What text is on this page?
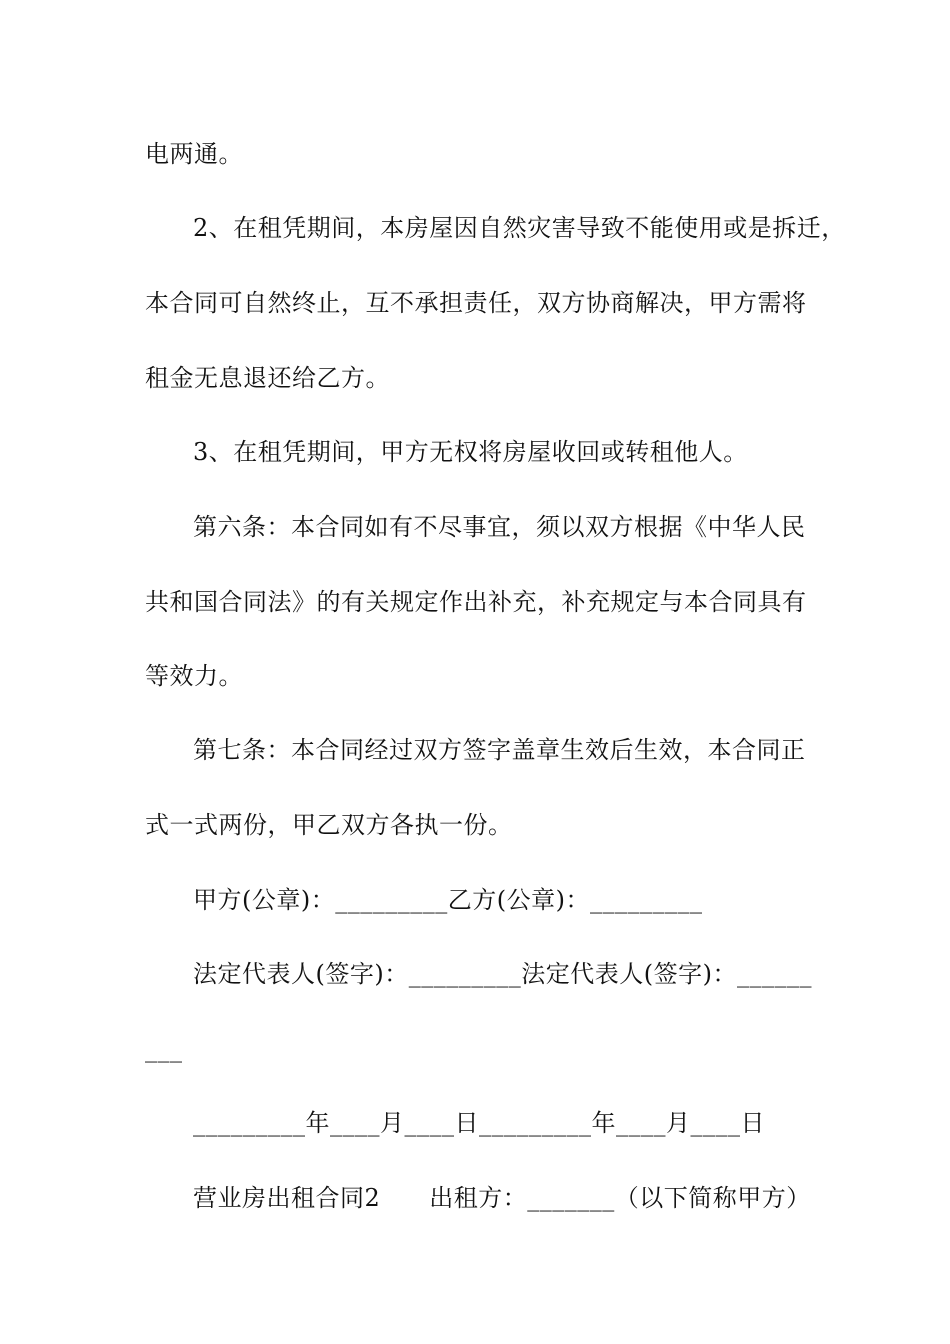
电两通。
2、在租凭期间，本房屋因自然灾害导致不能使用或是拆迁，
本合同可自然终止，互不承担责任，双方协商解决，甲方需将
租金无息退还给乙方。
3、在租凭期间，甲方无权将房屋收回或转租他人。
第六条：本合同如有不尽事宜，须以双方根据《中华人民
共和国合同法》的有关规定作出补充，补充规定与本合同具有
等效力。
第七条：本合同经过双方签字盖章生效后生效，本合同正
式一式两份，甲乙双方各执一份。
甲方(公章)：_________乙方(公章)：_________
法定代表人(签字)：_________法定代表人(签字)：______
___
_________年____月____日_________年____月____日
营业房出租合同2　　出租方：_______（以下简称甲方）
